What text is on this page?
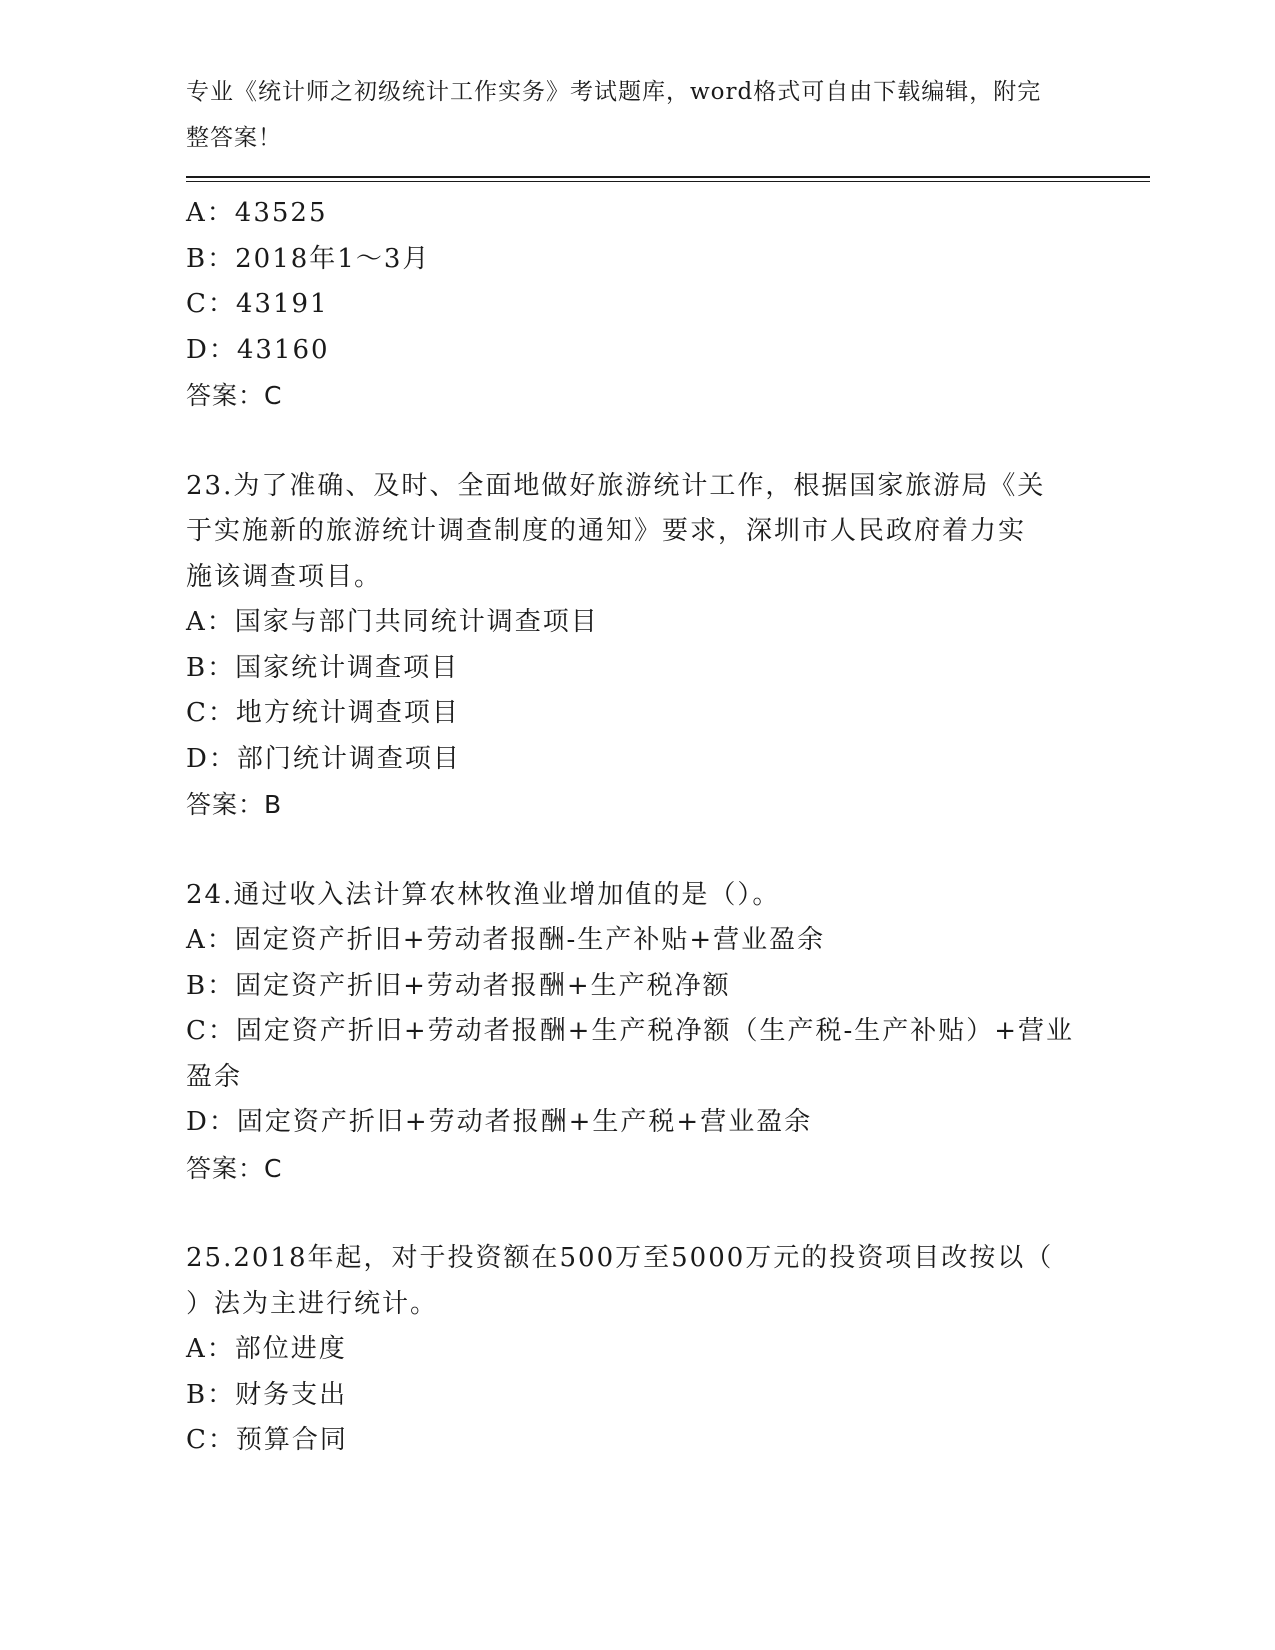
专业《统计师之初级统计工作实务》考试题库，word格式可自由下载编辑，附完
整答案！
A：43525
B：2018年1～3月
C：43191
D：43160
答案：C
23.为了准确、及时、全面地做好旅游统计工作，根据国家旅游局《关
于实施新的旅游统计调查制度的通知》要求，深圳市人民政府着力实
施该调查项目。
A：国家与部门共同统计调查项目
B：国家统计调查项目
C：地方统计调查项目
D：部门统计调查项目
答案：B
24.通过收入法计算农林牧渔业增加值的是（）。
A：固定资产折旧+劳动者报酬-生产补贴+营业盈余
B：固定资产折旧+劳动者报酬+生产税净额
C：固定资产折旧+劳动者报酬+生产税净额（生产税-生产补贴）+营业
盈余
D：固定资产折旧+劳动者报酬+生产税+营业盈余
答案：C
25.2018年起，对于投资额在500万至5000万元的投资项目改按以（
）法为主进行统计。
A：部位进度
B：财务支出
C：预算合同
